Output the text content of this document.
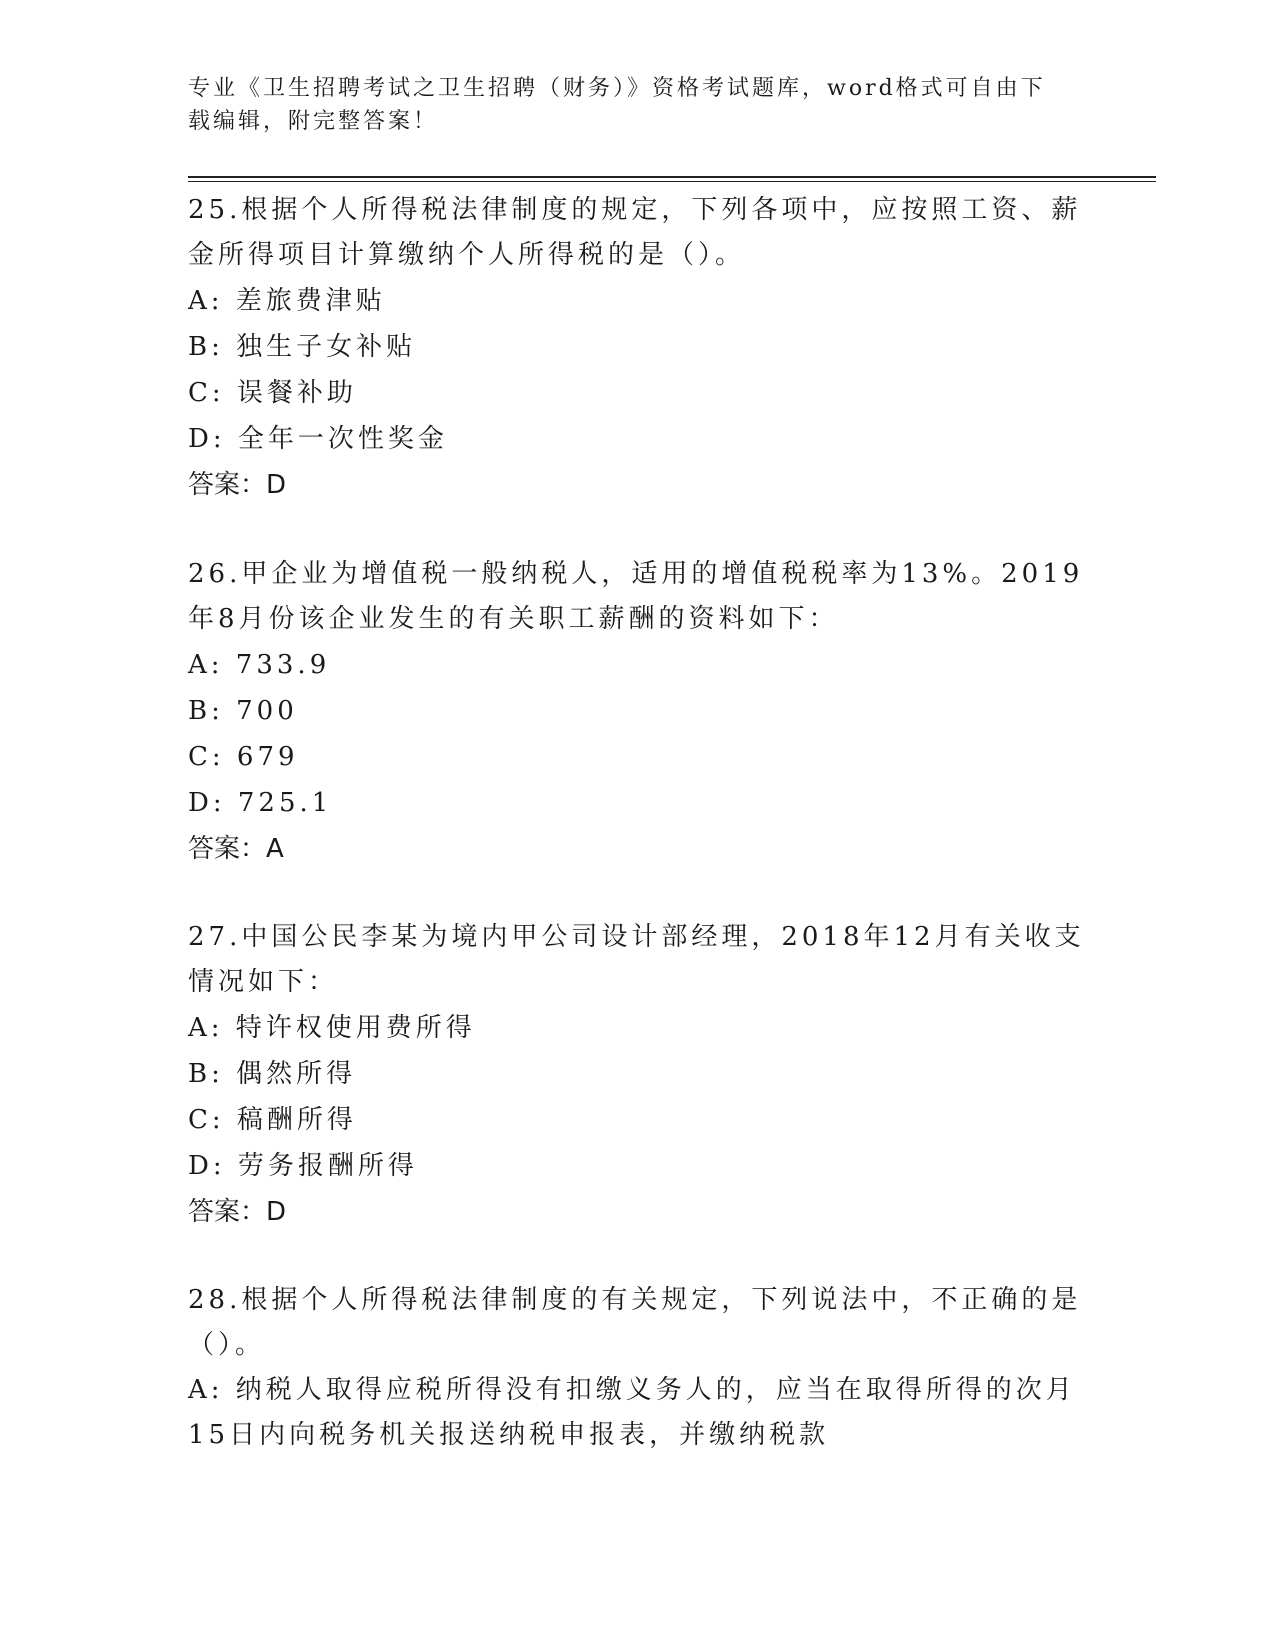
专业《卫生招聘考试之卫生招聘（财务）》资格考试题库，word格式可自由下载编辑，附完整答案！

25.根据个人所得税法律制度的规定，下列各项中，应按照工资、薪金所得项目计算缴纳个人所得税的是（）。

A: 差旅费津贴

B: 独生子女补贴

C: 误餐补助

D: 全年一次性奖金

答案：D

26.甲企业为增值税一般纳税人，适用的增值税税率为13%。2019年8月份该企业发生的有关职工薪酬的资料如下：

A: 733.9

B: 700

C: 679

D: 725.1

答案：A

27.中国公民李某为境内甲公司设计部经理，2018年12月有关收支情况如下：

A: 特许权使用费所得

B: 偶然所得

C: 稿酬所得

D: 劳务报酬所得

答案：D

28.根据个人所得税法律制度的有关规定，下列说法中，不正确的是（）。

A: 纳税人取得应税所得没有扣缴义务人的，应当在取得所得的次月15日内向税务机关报送纳税申报表，并缴纳税款
